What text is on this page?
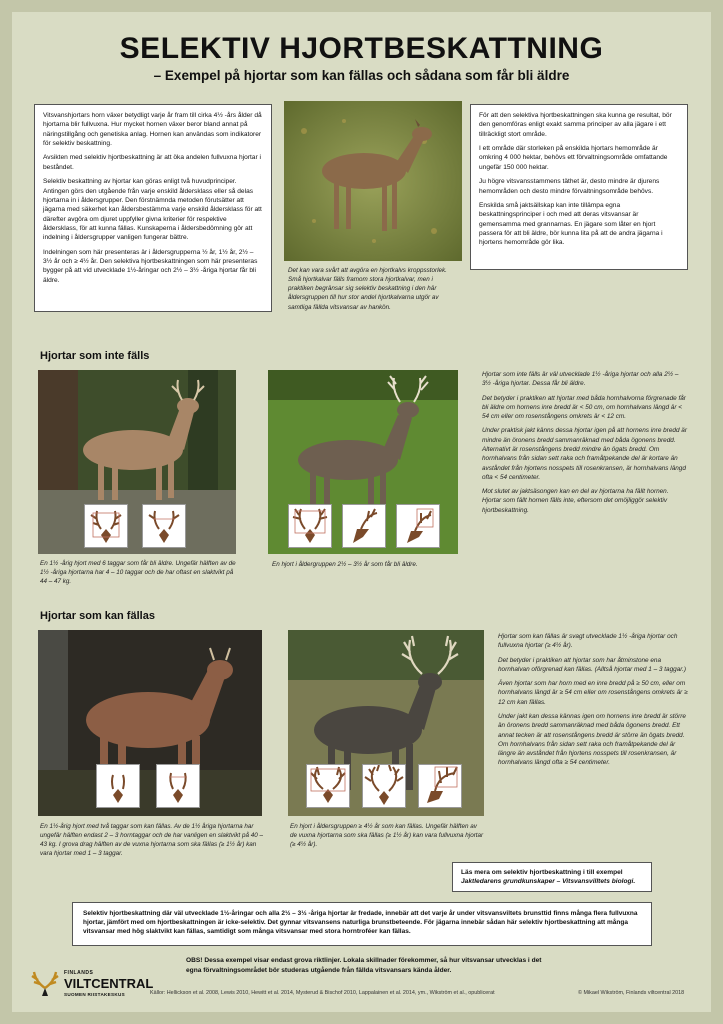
SELEKTIV HJORTBESKATTNING
– Exempel på hjortar som kan fällas och sådana som får bli äldre

Vitsvanshjortars horn växer betydligt varje år fram till cirka 4½ -års ålder då hjortarna blir fullvuxna. Hur mycket hornen växer beror bland annat på näringstillgång och genetiska anlag. Hornen kan användas som indikatorer för selektiv beskattning.

Avsikten med selektiv hjortbeskattning är att öka andelen fullvuxna hjortar i beståndet.

Selektiv beskattning av hjortar kan göras enligt två huvudprinciper. Antingen görs den utgående från varje enskild åldersklass eller så delas hjortarna in i åldersgrupper. Den förstnämnda metoden förutsätter att jägarna med säkerhet kan åldersbestämma varje enskild åldersklass för att därefter avgöra om djuret uppfyller givna kriterier för respektive åldersklass, för att kunna fällas. Kunskaperna i åldersbedömning gör att indelning i åldersgrupper vanligen fungerar bättre.

Indelningen som här presenteras är i åldersgrupperna ½ år, 1½ år, 2½ – 3½ år och ≥ 4½ år. Den selektiva hjortbeskattningen som här presenteras bygger på att vid utvecklade 1½-åringar och 2½ – 3½ -åriga hjortar får bli äldre.

Det kan vara svårt att avgöra en hjortkalvs kroppsstorlek. Små hjortkalvar fälls framom stora hjortkalvar, men i praktiken begränsar sig selektiv beskattning i den här åldersgruppen till hur stor andel hjortkalvarna utgör av samtliga fällda vitsvansar av hankön.

För att den selektiva hjortbeskattningen ska kunna ge resultat, bör den genomföras enligt exakt samma principer av alla jägare i ett tillräckligt stort område.

I ett område där storleken på enskilda hjortars hemområde är omkring 4 000 hektar, behövs ett förvaltningsområde omfattande ungefär 150 000 hektar.

Ju högre vitsvansstammens täthet är, desto mindre är djurens hemområden och desto mindre förvaltningsområde behövs.

Enskilda små jaktsällskap kan inte tillämpa egna beskattningsprinciper i och med att deras vitsvansar är gemensamma med grannarnas. En jägare som låter en hjort passera för att bli äldre, bör kunna lita på att de andra jägarna i hjortens hemområde gör lika.

Hjortar som inte fälls
En 1½ -årig hjort med 6 taggar som får bli äldre. Ungefär hälften av de 1½ -åriga hjortarna har 4 – 10 taggar och de har oftast en slaktvikt på 44 – 47 kg.
En hjort i åldergruppen 2½ – 3½ år som får bli äldre.

Hjortar som inte fälls är väl utvecklade 1½ -åriga hjortar och alla 2½ – 3½ -åriga hjortar. Dessa får bli äldre.

Det betyder i praktiken att hjortar med båda hornhalvorna förgrenade får bli äldre om hornens inre bredd är < 50 cm, om hornhalvans längd är < 54 cm eller om rosenstångens omkrets är < 12 cm.

Under praktisk jakt känns dessa hjortar igen på att hornens inre bredd är mindre än öronens bredd sammanräknad med båda ögonens bredd. Alternativt är rosenstångens bredd mindre än ögats bredd. Om hornhalvans från sidan sett raka och framåtpekande del är kortare än avståndet från hjortens nosspets till rosenkransen, är hornhalvans längd ofta < 54 centimeter.

Mot slutet av jaktsäsongen kan en del av hjortarna ha fällt hornen. Hjortar som fällt hornen fälls inte, eftersom det omöjliggör selektiv hjortbeskattning.

Hjortar som kan fällas
En 1½-årig hjort med två taggar som kan fällas. Av de 1½ åriga hjortarna har ungefär hälften endast 2 – 3 horntaggar och de har vanligen en slaktvikt på 40 – 43 kg. I grova drag hälften av de vuxna hjortarna som ska fällas (≥ 1½ år) kan vara hjortar med 1 – 3 taggar.
En hjort i åldersgruppen ≥ 4½ år som kan fällas. Ungefär hälften av de vuxna hjortarna som ska fällas (≥ 1½ år) kan vara fullvuxna hjortar (≥ 4½ år).

Hjortar som kan fällas är svagt utvecklade 1½ -åriga hjortar och fullvuxna hjortar (≥ 4½ år).

Det betyder i praktiken att hjortar som har åtminstone ena hornhalvan oförgrenad kan fällas. (Alltså hjortar med 1 – 3 taggar.)

Även hjortar som har horn med en inre bredd på ≥ 50 cm, eller om hornhalvans längd är ≥ 54 cm eller om rosenstångens omkrets är ≥ 12 cm kan fällas.

Under jakt kan dessa kännas igen om hornens inre bredd är större än öronens bredd sammanräknad med båda ögonens bredd. Ett annat tecken är att rosenstångens bredd är större än ögats bredd. Om hornhalvans från sidan sett raka och framåtpekande del är längre än avståndet från hjortens nosspets till rosenkransen, är hornhalvans längd ofta ≥ 54 centimeter.

Läs mera om selektiv hjortbeskattning i till exempel
Jaktledarens grundkunskaper – Vitsvansvilltets biologi.
Selektiv hjortbeskattning där väl utvecklade 1½-åringar och alla 2½ – 3½ -åriga hjortar är fredade, innebär att det varje år under vitsvansviltets brunsttid finns många flera fullvuxna hjortar, jämfört med om hjortbeskattningen är icke-selektiv. Det gynnar vitsvansens naturliga brunstbeteende. För jägarna innebär sådan här selektiv hjortbeskattning att många vitsvansar med hög slaktvikt kan fällas, samtidigt som många vitsvansar med stora horntroféer kan fällas.
OBS! Dessa exempel visar endast grova riktlinjer. Lokala skillnader förekommer, så hur vitsvansar utvecklas i det egna förvaltningsområdet bör studeras utgående från fällda vitsvansars kända ålder.
FINLANDS
VILTCENTRAL
SUOMEN RIISTAKESKUS	Källor: Hellickson et al. 2008, Lewis 2010, Hewitt et al. 2014, Mysterud & Bischof 2010, Lappalainen et al. 2014, ym., Wikström et al., opublicerat	© Mikael Wikström, Finlands viltcentral 2018
